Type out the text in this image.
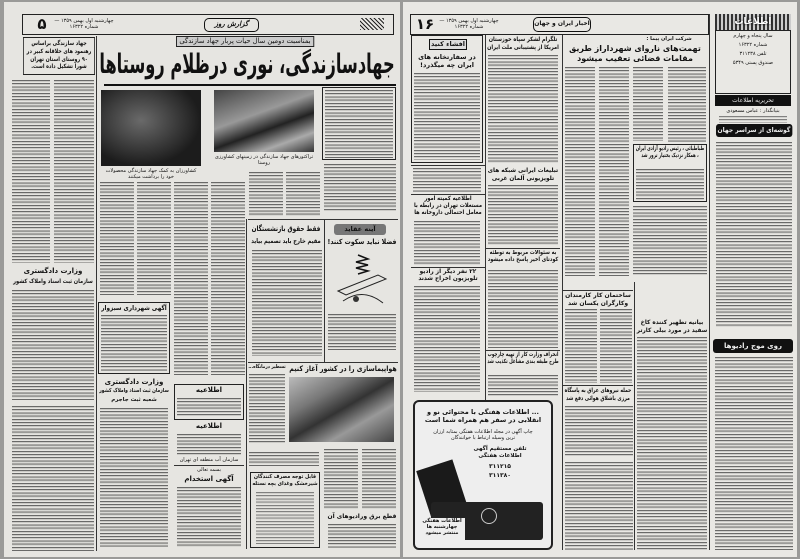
۵	چهارشنبه اول بهمن ۱۳۵۹ — شماره ۱۶۳۲۲	گزارش روز
بمناسبت دومین سال حیات پربار جهاد سازندگی
جهادسازندگی، نوری درظلام روستاها
جهاد سازندگی براساس رهنمود های خلاقانه کبیر در ۹۰ روستای استان تهران شورا تشکیل داده است.
کشاورزان به کمک جهاد سازندگی محصولات خود را برداشت میکنند
تراکتورهای جهاد سازندگی در زمینهای کشاورزی روستا
وزارت دادگستری
سازمان ثبت اسناد واملاک کشور
آگهی شهرداری سبزوار
وزارت دادگستری
سازمان ثبت اسناد واملاک کشور
شعبه ثبت جاجرم
اطلاعیه
اطلاعیه
سازمان آب منطقه ای تهران
بسمه تعالی
آگهی استخدام
فقط حقوق بازنشستگان
مقیم خارج باید تصمیم بیاید
آینه عقاید
فضلا نباید سکوت کنند!
تسطیر درمانگاه... هواپیماسازی را در کشور آغاز کنیم
قابل توجه مصرف کنندگان شیرخشک وغذای بچه نستله
قطع برق ورادیوهای آن
۱۶	چهارشنبه اول بهمن ۱۳۵۹ — شماره ۱۶۳۲۲	اخبار ایران و جهان
افشاء کنید
در سفارتخانه های ایران چه میگذرد!
تلگرام لشکر سپاه خوزستان امریکا از پشتیبانی ملت ایران
تبلیغات ایرانی شبکه های تلویزیونی آلمان غربی
به سئوالات مربوط به توطئه کودتای اخیر پاسخ داده میشود
انحراف وزارت کار از تهیه چارچوب طرح طبقه بندی مشاغل تکذیب شد
اطلاعیه کمیته امور مستغلات تهران در رابطه با معامل احتمالی داروخانه ها
۲۲ نفر دیگر از رادیو تلویزیون اخراج شدند
... اطلاعات هفتگی با محتوائی نو و انقلابی در سفر هم همراه شما است
چاپ آگهی در مجله اطلاعات هفتگی بمثابه ارزان ترین وسیله ارتباط با خوانندگان
تلفن مستقیم آگهی اطلاعات هفتگی
۳۱۱۲۱۵
۳۱۱۳۸۰
اطلاعات هفتگی چهارشنبه ها منتشر میشود
شرکت ایران پیما :
تهمت‌های ناروای شهرداراز طریق مقامات قضائی تعقیب میشود
طباطبائی ، رئیس رادیو آزادی ایران ، همکار نزدیک بختیار ترور شد
ساختمان کار کارمندان وکارگران یکسان شد
حمله نیروهای عراق به پاسگاه مرزی باشلاق هوائی دفع شد
بیانیه تطهیر کننده کاخ سفید در مورد بیلی کارتر
اطلاعات
سال پنجاه و چهارم
شماره ۱۶۳۲۲
تلفن ۳۱۱۲۳۸
صندوق پستی ۵۳۴۹
تحریریه اطلاعات
بنیانگذار : عباس مسعودی
گوشه‌ای از سراسر جهان
روی موج رادیوها
